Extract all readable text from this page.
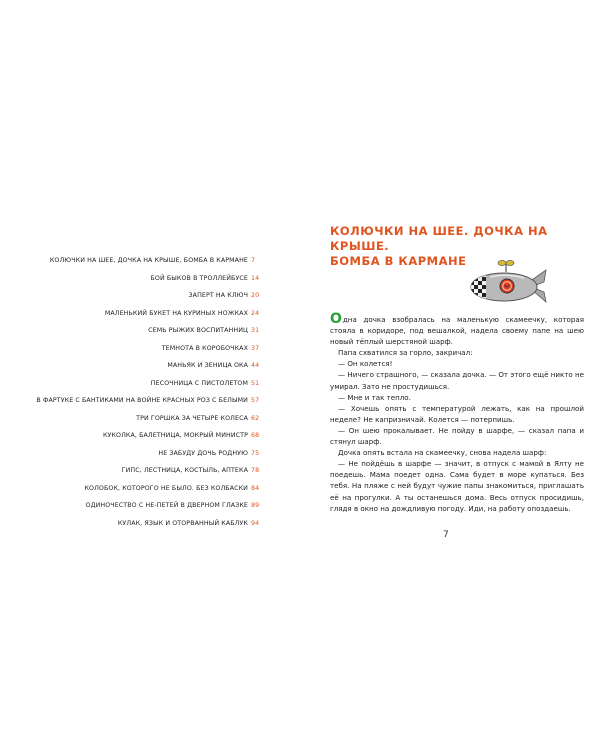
КОЛЮЧКИ НА ШЕЕ, ДОЧКА НА КРЫШЕ, БОМБА В КАРМАНЕ 7
БОЙ БЫКОВ В ТРОЛЛЕЙБУСЕ 14
ЗАПЕРТ НА КЛЮЧ 20
МАЛЕНЬКИЙ БУКЕТ НА КУРИНЫХ НОЖКАХ 24
СЕМЬ РЫЖИХ ВОСПИТАННИЦ 31
ТЕМНОТА В КОРОБОЧКАХ 37
МАНЬЯК И ЗЕНИЦА ОКА 44
ПЕСОЧНИЦА С ПИСТОЛЕТОМ 51
В ФАРТУКЕ С БАНТИКАМИ НА ВОЙНЕ КРАСНЫХ РОЗ С БЕЛЫМИ 57
ТРИ ГОРШКА ЗА ЧЕТЫРЕ КОЛЕСА 62
КУКОЛКА, БАЛЕТНИЦА, МОКРЫЙ МИНИСТР 68
НЕ ЗАБУДУ ДОЧЬ РОДНУЮ 75
ГИПС, ЛЕСТНИЦА, КОСТЫЛЬ, АПТЕКА 78
КОЛОБОК, КОТОРОГО НЕ БЫЛО. БЕЗ КОЛБАСКИ 84
ОДИНОЧЕСТВО С НЕ-ПЕТЕЙ В ДВЕРНОМ ГЛАЗКЕ 89
КУЛАК, ЯЗЫК И ОТОРВАННЫЙ КАБЛУК 94
КОЛЮЧКИ НА ШЕЕ. ДОЧКА НА КРЫШЕ.
БОМБА В КАРМАНЕ

Одна дочка взобралась на маленькую скамеечку, которая стояла в коридоре, под вешалкой, надела своему папе на шею новый тёплый шерстяной шарф.

Папа схватился за горло, закричал:

— Он колется!

— Ничего страшного, — сказала дочка. — От этого ещё никто не умирал. Зато не простудишься.

— Мне и так тепло.

— Хочешь опять с температурой лежать, как на прошлой неделе? Не капризничай. Колется — потерпишь.

— Он шею прокалывает. Не пойду в шарфе, — сказал папа и стянул шарф.

Дочка опять встала на скамеечку, снова надела шарф:

— Не пойдёшь в шарфе — значит, в отпуск с мамой в Ялту не поедешь. Мама поедет одна. Сама будет в море купаться. Без тебя. На пляже с ней будут чужие папы знакомиться, приглашать её на прогулки. А ты останешься дома. Весь отпуск просидишь, глядя в окно на дождливую погоду. Иди, на работу опоздаешь.

7
